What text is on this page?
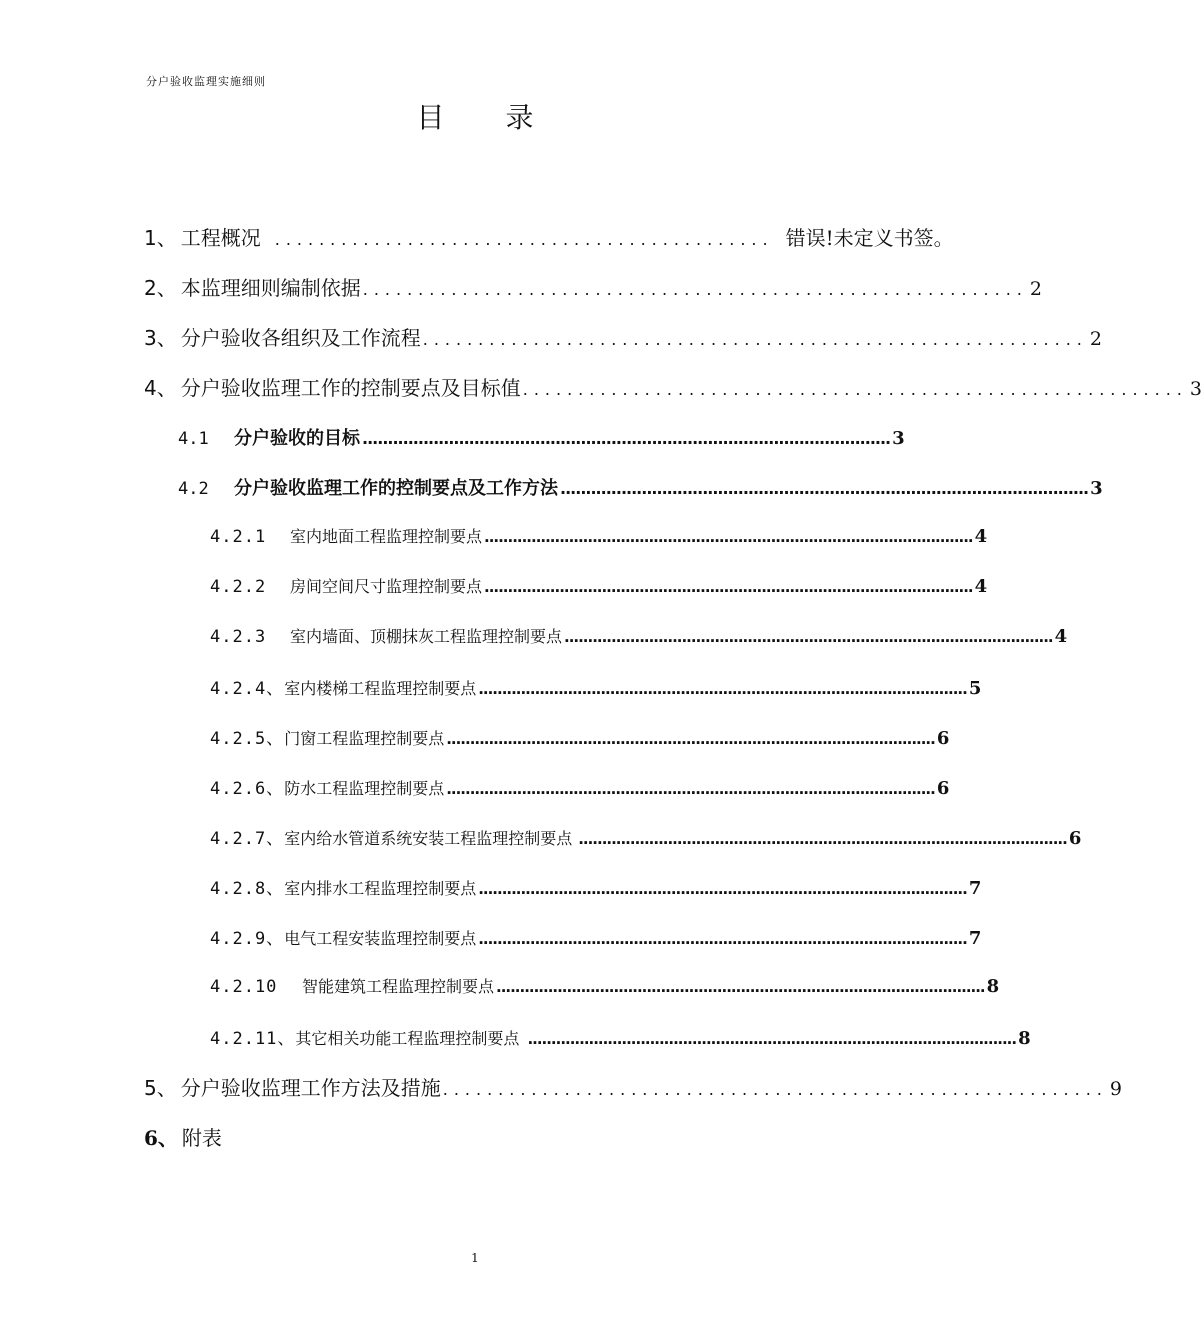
分户验收监理实施细则
目 录
1、 工程概况 ............................................. 错误!未定义书签。
2、 本监理细则编制依据 ............................................................ 2
3、 分户验收各组织及工作流程 ............................................................ 2
4、 分户验收监理工作的控制要点及目标值 ............................................................ 3
4.1	分户验收的目标 ........................................................................................................ 3
4.2	分户验收监理工作的控制要点及工作方法 ........................................................................................................ 3
4.2.1	室内地面工程监理控制要点 ........................................................................................................ 4
4.2.2	房间空间尺寸监理控制要点 ........................................................................................................ 4
4.2.3	室内墙面、顶棚抹灰工程监理控制要点 ........................................................................................................ 4
4.2.4、 室内楼梯工程监理控制要点 ........................................................................................................ 5
4.2.5、 门窗工程监理控制要点 ........................................................................................................ 6
4.2.6、 防水工程监理控制要点 ........................................................................................................ 6
4.2.7、 室内给水管道系统安装工程监理控制要点 ........................................................................................................ 6
4.2.8、 室内排水工程监理控制要点 ........................................................................................................ 7
4.2.9、 电气工程安装监理控制要点 ........................................................................................................ 7
4.2.10	智能建筑工程监理控制要点 ........................................................................................................ 8
4.2.11、 其它相关功能工程监理控制要点 ........................................................................................................ 8
5、 分户验收监理工作方法及措施 ............................................................ 9
6、 附表
1
